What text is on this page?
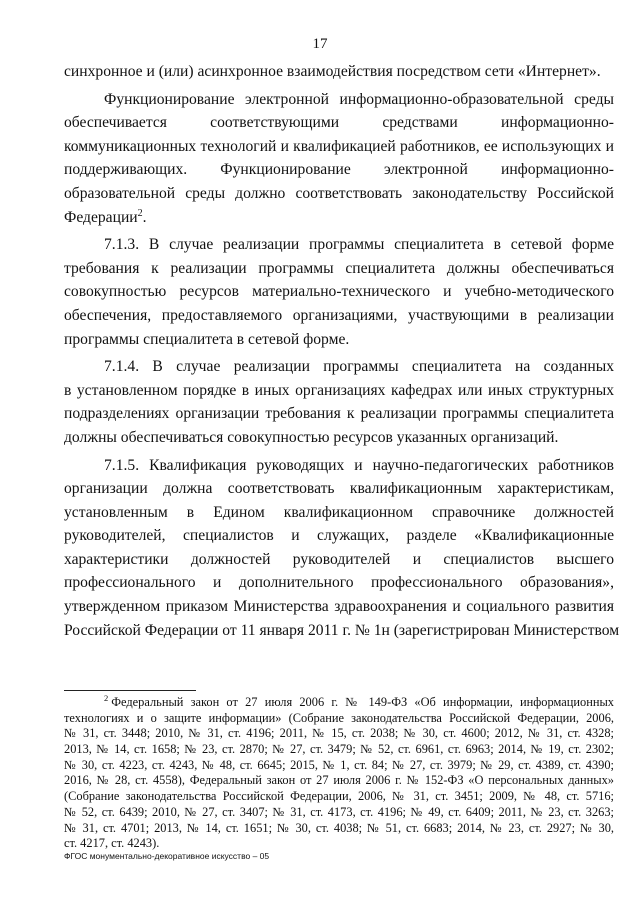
17
синхронное и (или) асинхронное взаимодействия посредством сети «Интернет».
Функционирование электронной информационно-образовательной среды
обеспечивается соответствующими средствами информационно-
коммуникационных технологий и квалификацией работников, ее использующих и
поддерживающих. Функционирование электронной информационно-
образовательной среды должно соответствовать законодательству Российской
Федерации$^2$.
7.1.3. В случае реализации программы специалитета в сетевой форме
требования к реализации программы специалитета должны обеспечиваться
совокупностью ресурсов материально-технического и учебно-методического
обеспечения, предоставляемого организациями, участвующими в реализации
программы специалитета в сетевой форме.
7.1.4. В случае реализации программы специалитета на созданных
в установленном порядке в иных организациях кафедрах или иных структурных
подразделениях организации требования к реализации программы специалитета
должны обеспечиваться совокупностью ресурсов указанных организаций.
7.1.5. Квалификация руководящих и научно-педагогических работников
организации должна соответствовать квалификационным характеристикам,
установленным в Едином квалификационном справочнике должностей
руководителей, специалистов и служащих, разделе «Квалификационные
характеристики должностей руководителей и специалистов высшего
профессионального и дополнительного профессионального образования»,
утвержденном приказом Министерства здравоохранения и социального развития
Российской Федерации от 11 января 2011 г. № 1н (зарегистрирован Министерством
$^2$ Федеральный закон от 27 июля 2006 г. № 149-ФЗ «Об информации, информационных
технологиях и о защите информации» (Собрание законодательства Российской Федерации, 2006,
№ 31, ст. 3448; 2010, № 31, ст. 4196; 2011, № 15, ст. 2038; № 30, ст. 4600; 2012, № 31, ст. 4328;
2013, № 14, ст. 1658; № 23, ст. 2870; № 27, ст. 3479; № 52, ст. 6961, ст. 6963; 2014, № 19, ст. 2302;
№ 30, ст. 4223, ст. 4243, № 48, ст. 6645; 2015, № 1, ст. 84; № 27, ст. 3979; № 29, ст. 4389, ст. 4390;
2016, № 28, ст. 4558), Федеральный закон от 27 июля 2006 г. № 152-ФЗ «О персональных данных»
(Собрание законодательства Российской Федерации, 2006, № 31, ст. 3451; 2009, № 48, ст. 5716;
№ 52, ст. 6439; 2010, № 27, ст. 3407; № 31, ст. 4173, ст. 4196; № 49, ст. 6409; 2011, № 23, ст. 3263;
№ 31, ст. 4701; 2013, № 14, ст. 1651; № 30, ст. 4038; № 51, ст. 6683; 2014, № 23, ст. 2927; № 30,
ст. 4217, ст. 4243).
ФГОС монументально-декоративное искусство – 05
